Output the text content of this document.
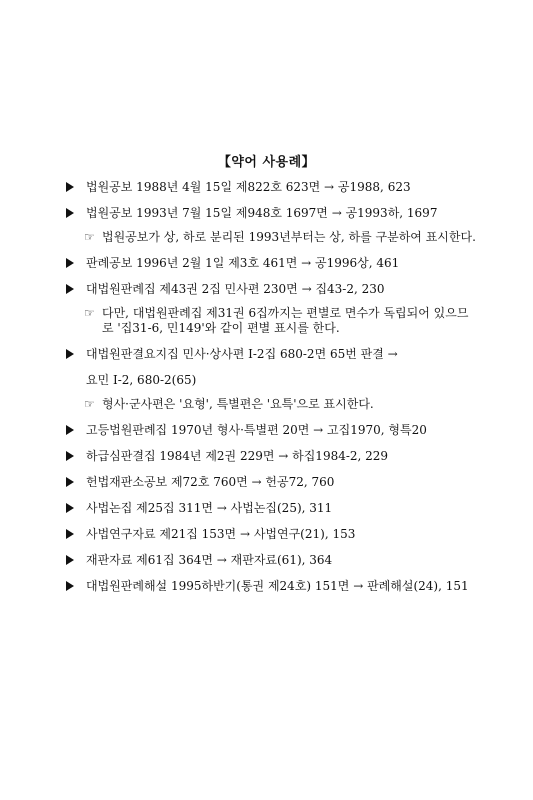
【약어 사용례】
법원공보 1988년 4월 15일 제822호 623면 → 공1988, 623
법원공보 1993년 7월 15일 제948호 1697면 → 공1993하, 1697
☞ 법원공보가 상, 하로 분리된 1993년부터는 상, 하를 구분하여 표시한다.
판례공보 1996년 2월 1일 제3호 461면 → 공1996상, 461
대법원판례집 제43권 2집 민사편 230면 → 집43-2, 230
☞ 다만, 대법원판례집 제31권 6집까지는 편별로 면수가 독립되어 있으므로 '집31-6, 민149'와 같이 편별 표시를 한다.
대법원판결요지집 민사·상사편 Ⅰ-2집 680-2면 65번 판결 →
요민 Ⅰ-2, 680-2(65)
☞ 형사·군사편은 '요형', 특별편은 '요특'으로 표시한다.
고등법원판례집 1970년 형사·특별편 20면 → 고집1970, 형특20
하급심판결집 1984년 제2권 229면 → 하집1984-2, 229
헌법재판소공보 제72호 760면 → 헌공72, 760
사법논집 제25집 311면 → 사법논집(25), 311
사법연구자료 제21집 153면 → 사법연구(21), 153
재판자료 제61집 364면 → 재판자료(61), 364
대법원판례해설 1995하반기(통권 제24호) 151면 → 판례해설(24), 151
